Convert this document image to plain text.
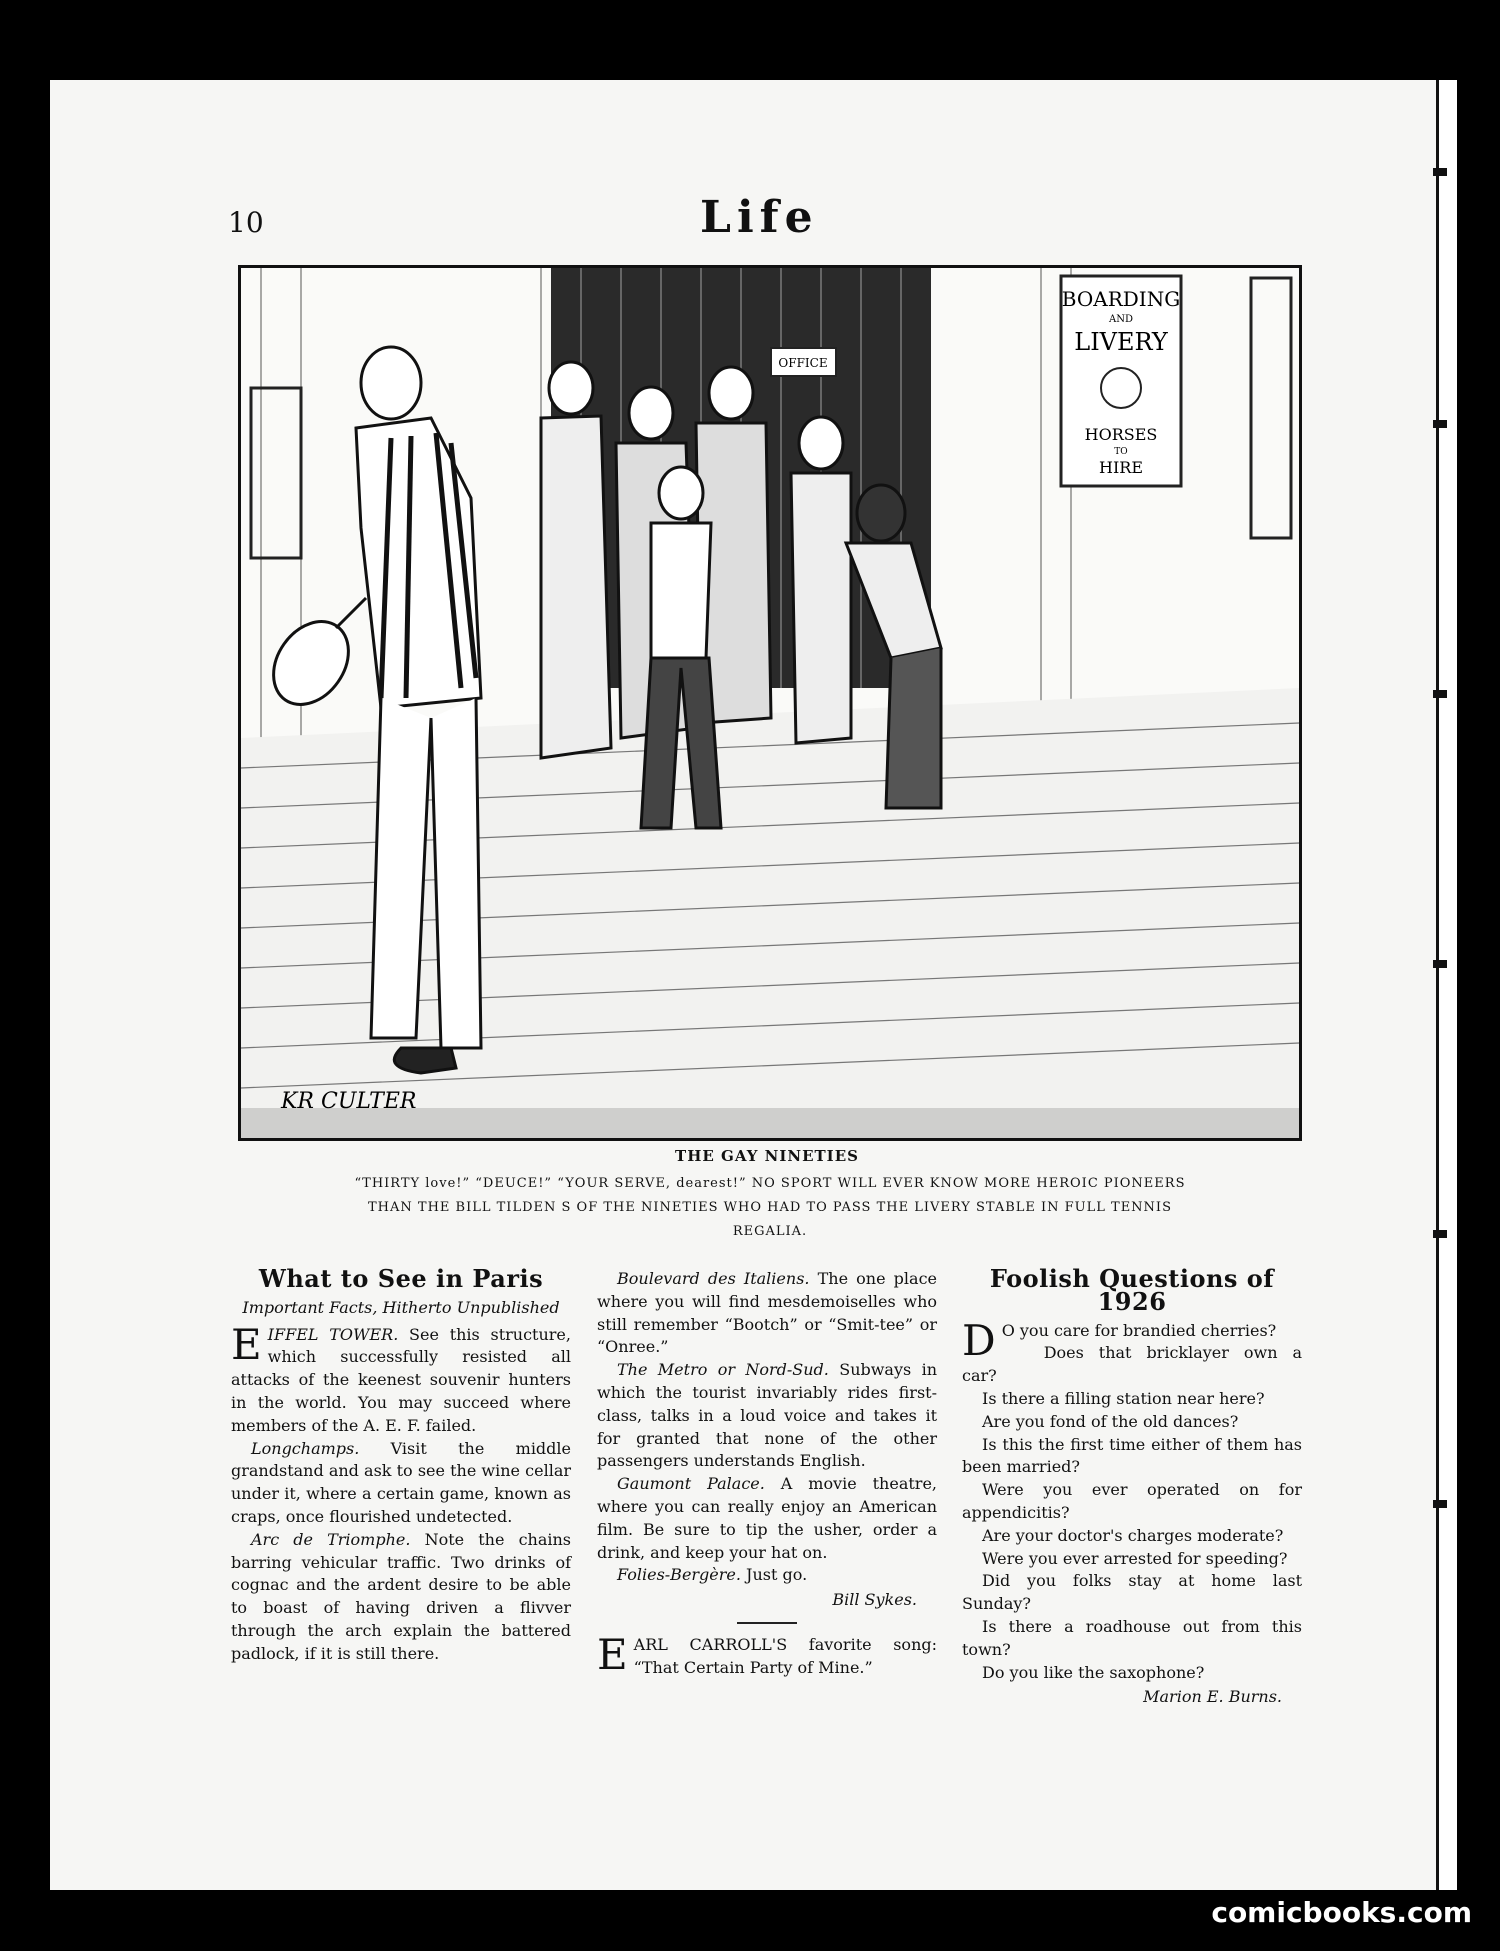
10	Life
OFFICE
BOARDING
AND
LIVERY
HORSES
TO
HIRE
KR CULTER
THE GAY NINETIES
“THIRTY love!” “DEUCE!” “YOUR SERVE, dearest!” NO SPORT WILL EVER KNOW MORE HEROIC PIONEERS THAN THE BILL TILDEN S OF THE NINETIES WHO HAD TO PASS THE LIVERY STABLE IN FULL TENNIS REGALIA.
What to See in Paris
Important Facts, Hitherto Unpublished

EIFFEL TOWER. See this structure, which successfully resisted all attacks of the keenest souvenir hunters in the world. You may succeed where members of the A. E. F. failed.

Longchamps. Visit the middle grandstand and ask to see the wine cellar under it, where a certain game, known as craps, once flourished undetected.

Arc de Triomphe. Note the chains barring vehicular traffic. Two drinks of cognac and the ardent desire to be able to boast of having driven a flivver through the arch explain the battered padlock, if it is still there.

Boulevard des Italiens. The one place where you will find mesdemoiselles who still remember “Bootch” or “Smit-tee” or “Onree.”

The Metro or Nord-Sud. Subways in which the tourist invariably rides first-class, talks in a loud voice and takes it for granted that none of the other passengers understands English.

Gaumont Palace. A movie theatre, where you can really enjoy an American film. Be sure to tip the usher, order a drink, and keep your hat on.

Folies-Bergère. Just go.

Bill Sykes.

EARL CARROLL'S favorite song: “That Certain Party of Mine.”

Foolish Questions of 1926

D O you care for brandied cherries?

Does that bricklayer own a car?

Is there a filling station near here?

Are you fond of the old dances?

Is this the first time either of them has been married?

Were you ever operated on for appendicitis?

Are your doctor's charges moderate?

Were you ever arrested for speeding?

Did you folks stay at home last Sunday?

Is there a roadhouse out from this town?

Do you like the saxophone?

Marion E. Burns.
comicbooks.com
